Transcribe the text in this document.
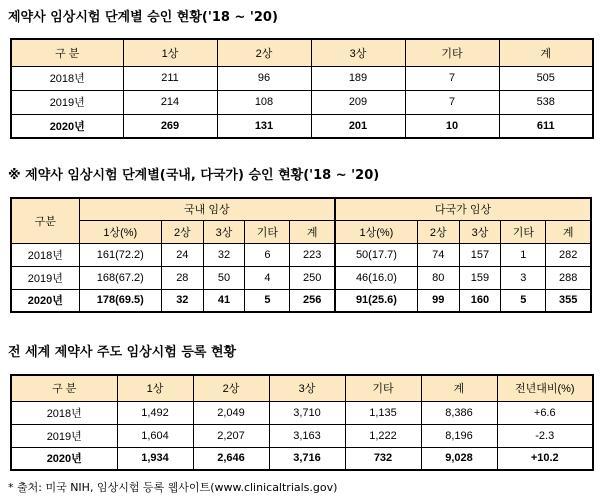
제약사 임상시험 단계별 승인 현황('18 ~ '20)
구 분	1상	2상	3상	기타	계
2018년	211	96	189	7	505
2019년	214	108	209	7	538
2020년	269	131	201	10	611
※ 제약사 임상시험 단계별(국내, 다국가) 승인 현황('18 ~ '20)
구분	국내 임상					다국가 임상				
	1상(%)	2상	3상	기타	계	1상(%)	2상	3상	기타	계
2018년	161(72.2)	24	32	6	223	50(17.7)	74	157	1	282
2019년	168(67.2)	28	50	4	250	46(16.0)	80	159	3	288
2020년	178(69.5)	32	41	5	256	91(25.6)	99	160	5	355
전 세계 제약사 주도 임상시험 등록 현황
구 분	1상	2상	3상	기타	계	전년대비(%)
2018년	1,492	2,049	3,710	1,135	8,386	+6.6
2019년	1,604	2,207	3,163	1,222	8,196	-2.3
2020년	1,934	2,646	3,716	732	9,028	+10.2
* 출처: 미국 NIH, 임상시험 등록 웹사이트(www.clinicaltrials.gov)
